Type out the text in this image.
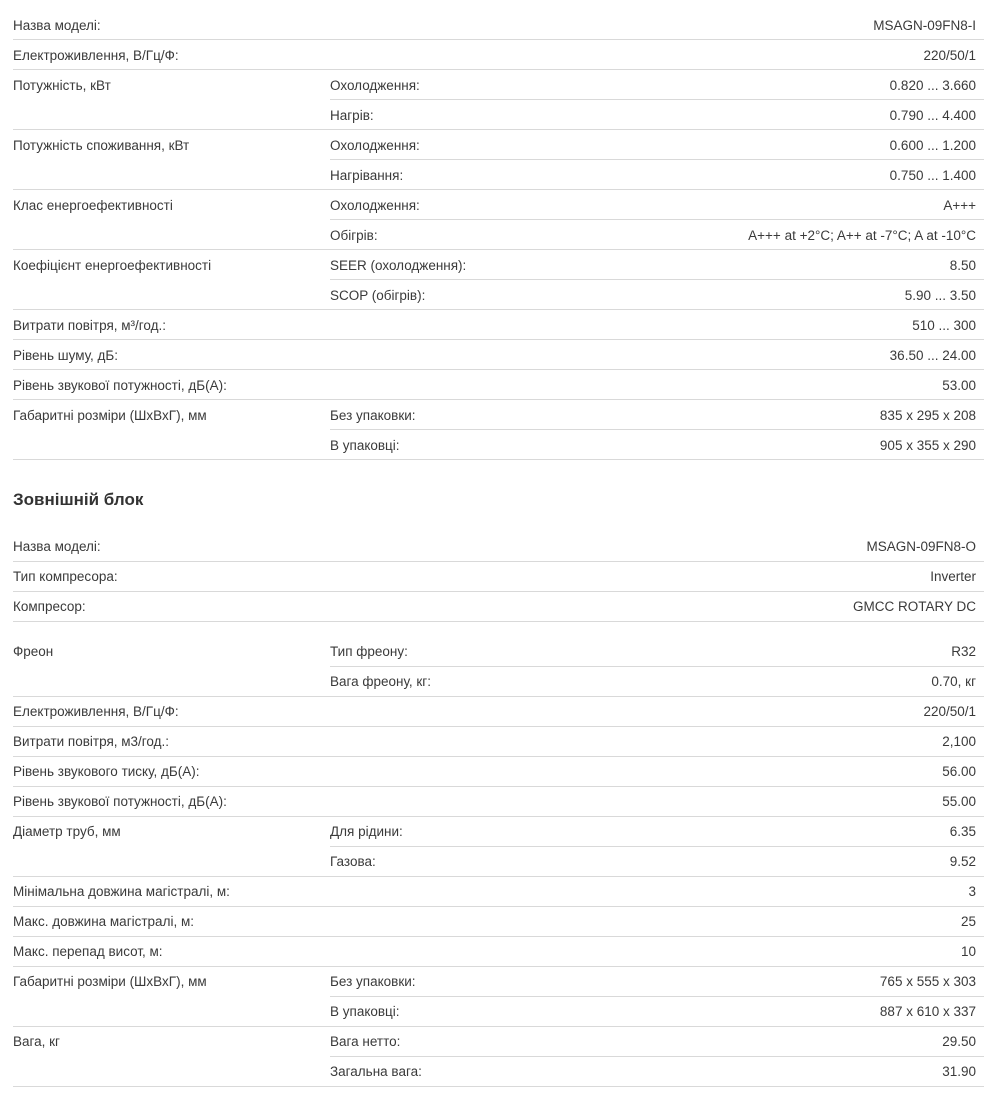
Назва моделі:	MSAGN-09FN8-I
Електроживлення, В/Гц/Ф:	220/50/1
Потужність, кВт	Охолодження:	0.820 ... 3.660
Нагрів:	0.790 ... 4.400
Потужність споживання, кВт	Охолодження:	0.600 ... 1.200
Нагрівання:	0.750 ... 1.400
Клас енергоефективності	Охолодження:	A+++
Обігрів:	A+++ at +2°C; A++ at -7°C; A at -10°C
Коефіцієнт енергоефективності	SEER (охолодження):	8.50
SCOP (обігрів):	5.90 ... 3.50
Витрати повітря, м³/год.:	510 ... 300
Рівень шуму, дБ:	36.50 ... 24.00
Рівень звукової потужності, дБ(А):	53.00
Габаритні розміри (ШхВхГ), мм	Без упаковки:	835 x 295 x 208
В упаковці:	905 x 355 x 290
Зовнішній блок
Назва моделі:	MSAGN-09FN8-O
Тип компресора:	Inverter
Компресор:	GMCC ROTARY DC
Фреон	Тип фреону:	R32
Вага фреону, кг:	0.70, кг
Електроживлення, В/Гц/Ф:	220/50/1
Витрати повітря, м3/год.:	2,100
Рівень звукового тиску, дБ(А):	56.00
Рівень звукової потужності, дБ(А):	55.00
Діаметр труб, мм	Для рідини:	6.35
Газова:	9.52
Мінімальна довжина магістралі, м:	3
Макс. довжина магістралі, м:	25
Макс. перепад висот, м:	10
Габаритні розміри (ШхВхГ), мм	Без упаковки:	765 x 555 x 303
В упаковці:	887 x 610 x 337
Вага, кг	Вага нетто:	29.50
Загальна вага:	31.90
